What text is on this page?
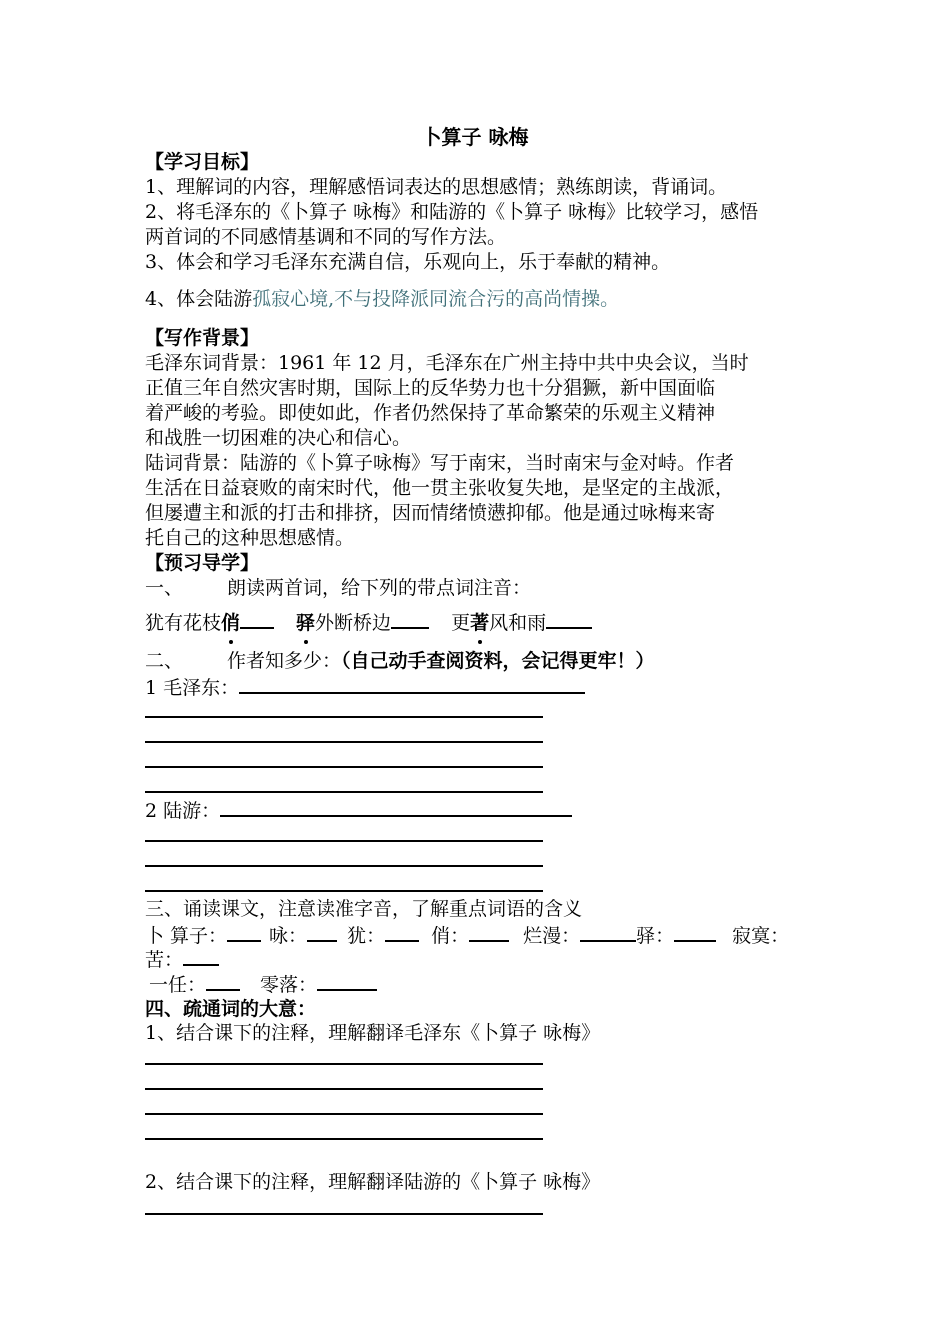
卜算子 咏梅
【学习目标】
1、理解词的内容，理解感悟词表达的思想感情；熟练朗读，背诵词。
2、将毛泽东的《卜算子 咏梅》和陆游的《卜算子 咏梅》比较学习，感悟
两首词的不同感情基调和不同的写作方法。
3、体会和学习毛泽东充满自信，乐观向上，乐于奉献的精神。
4、体会陆游孤寂心境,不与投降派同流合污的高尚情操。
【写作背景】
毛泽东词背景：1961 年 12 月，毛泽东在广州主持中共中央会议，当时
正值三年自然灾害时期，国际上的反华势力也十分猖獗，新中国面临
着严峻的考验。即使如此，作者仍然保持了革命繁荣的乐观主义精神
和战胜一切困难的决心和信心。
陆词背景：陆游的《卜算子咏梅》写于南宋，当时南宋与金对峙。作者
生活在日益衰败的南宋时代，他一贯主张收复失地，是坚定的主战派，
但屡遭主和派的打击和排挤，因而情绪愤懑抑郁。他是通过咏梅来寄
托自己的这种思想感情。
【预习导学】
一、 朗读两首词，给下列的带点词注音：
犹有花枝俏	驿外断桥边	更著风和雨
二、 作者知多少：（自己动手查阅资料，会记得更牢！）
1 毛泽东：
2 陆游：
三、诵读课文，注意读准字音，了解重点词语的含义
卜 算子： 咏： 犹： 俏：	烂漫：	驿：	寂寞：
苦：
一任：	零落：
四、疏通词的大意：
1、结合课下的注释，理解翻译毛泽东《卜算子 咏梅》
2、结合课下的注释，理解翻译陆游的《卜算子 咏梅》
